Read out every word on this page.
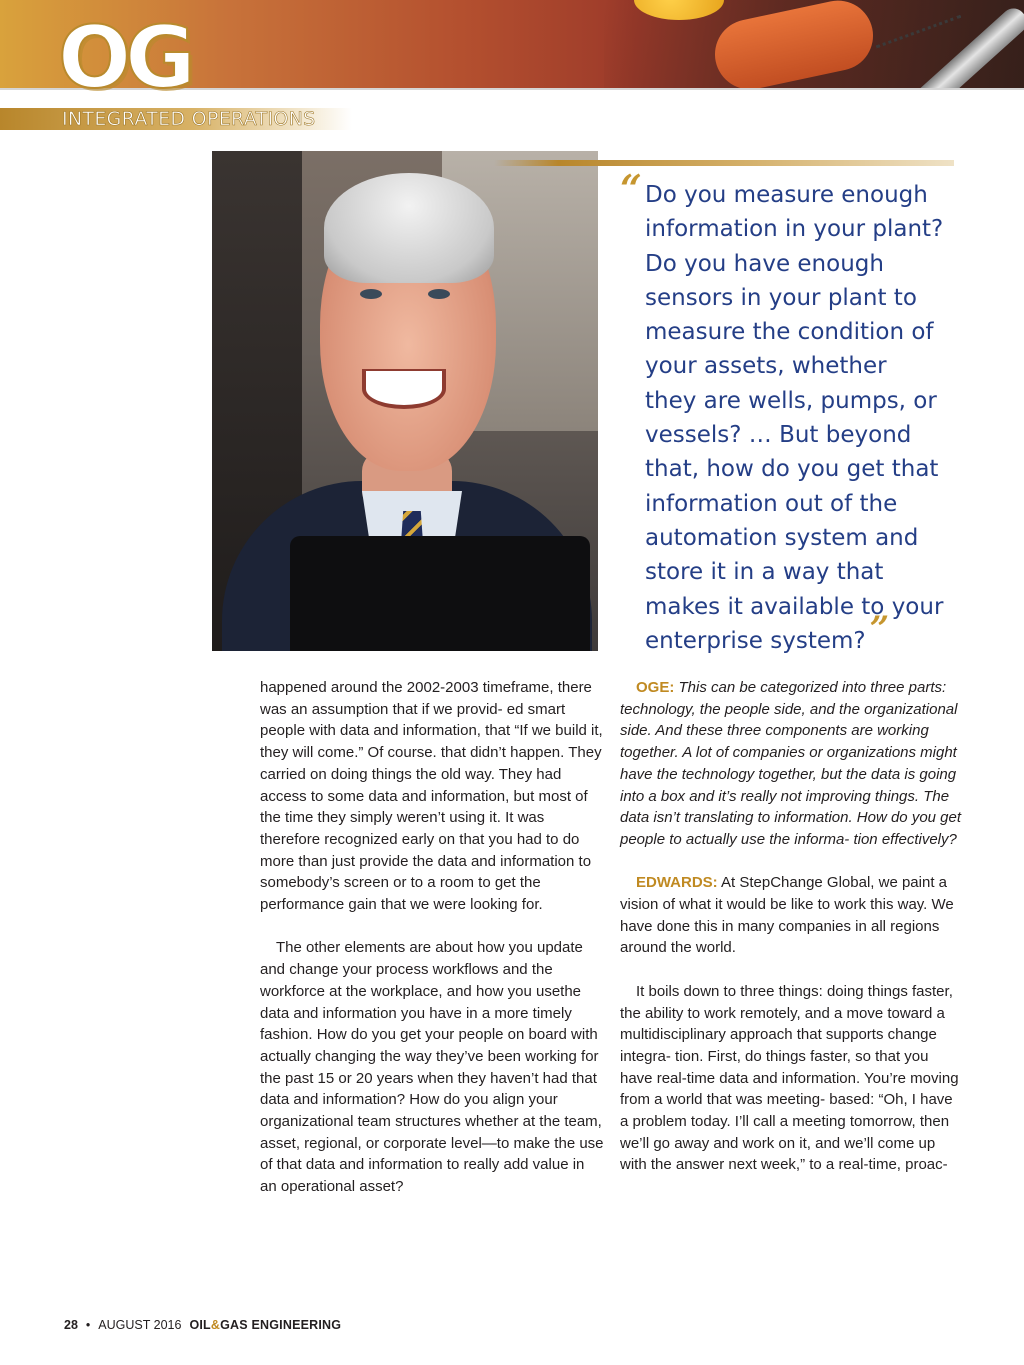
OG
INTEGRATED OPERATIONS
“ Do you measure enough information in your plant? Do you have enough sensors in your plant to measure the condition of your assets, whether they are wells, pumps, or vessels? … But beyond that, how do you get that information out of the automation system and store it in a way that makes it available to your enterprise system? ”

happened around the 2002-2003 timeframe, there was an assumption that if we provid- ed smart people with data and information, that “If we build it, they will come.” Of course. that didn’t happen. They carried on doing things the old way. They had access to some data and information, but most of the time they simply weren’t using it. It was therefore recognized early on that you had to do more than just provide the data and information to somebody’s screen or to a room to get the performance gain that we were looking for.

The other elements are about how you update and change your process workflows and the workforce at the workplace, and how you usethe data and information you have in a more timely fashion. How do you get your people on board with actually changing the way they’ve been working for the past 15 or 20 years when they haven’t had that data and information? How do you align your organizational team structures whether at the team, asset, regional, or corporate level—to make the use of that data and information to really add value in an operational asset?

OGE: This can be categorized into three parts: technology, the people side, and the organizational side. And these three components are working together. A lot of companies or organizations might have the technology together, but the data is going into a box and it’s really not improving things. The data isn’t translating to information. How do you get people to actually use the informa- tion effectively?

EDWARDS: At StepChange Global, we paint a vision of what it would be like to work this way. We have done this in many companies in all regions around the world.

It boils down to three things: doing things faster, the ability to work remotely, and a move toward a multidisciplinary approach that supports change integra- tion. First, do things faster, so that you have real-time data and information. You’re moving from a world that was meeting- based: “Oh, I have a problem today. I’ll call a meeting tomorrow, then we’ll go away and work on it, and we’ll come up with the answer next week,” to a real-time, proac-

28 • AUGUST 2016 OIL&GAS ENGINEERING
